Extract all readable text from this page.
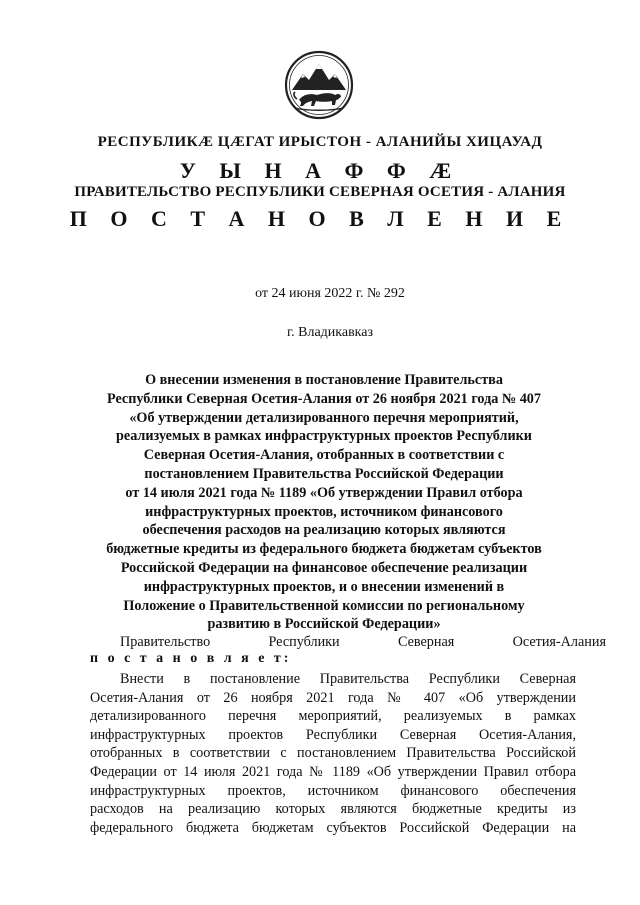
РЕСПУБЛИКÆ ЦÆГАТ ИРЫСТОН - АЛАНИЙЫ ХИЦАУАД
У Ы Н А Ф Ф Æ
ПРАВИТЕЛЬСТВО РЕСПУБЛИКИ СЕВЕРНАЯ ОСЕТИЯ - АЛАНИЯ
П О С Т А Н О В Л Е Н И Е
от 24 июня 2022 г. № 292
г. Владикавказ
О внесении изменения в постановление Правительства
Республики Северная Осетия-Алания от 26 ноября 2021 года № 407
«Об утверждении детализированного перечня мероприятий,
реализуемых в рамках инфраструктурных проектов Республики
Северная Осетия-Алания, отобранных в соответствии с
постановлением Правительства Российской Федерации
от 14 июля 2021 года № 1189 «Об утверждении Правил отбора
инфраструктурных проектов, источником финансового
обеспечения расходов на реализацию которых являются
бюджетные кредиты из федерального бюджета бюджетам субъектов
Российской Федерации на финансовое обеспечение реализации
инфраструктурных проектов, и о внесении изменений в
Положение о Правительственной комиссии по региональному
развитию в Российской Федерации»
Правительство Республики Северная Осетия-Алания
п о с т а н о в л я е т:
Внести в постановление Правительства Республики Северная
Осетия-Алания от 26 ноября 2021 года № 407 «Об утверждении
детализированного перечня мероприятий, реализуемых в рамках
инфраструктурных проектов Республики Северная Осетия-Алания,
отобранных в соответствии с постановлением Правительства Российской
Федерации от 14 июля 2021 года № 1189 «Об утверждении Правил отбора
инфраструктурных проектов, источником финансового обеспечения
расходов на реализацию которых являются бюджетные кредиты из
федерального бюджета бюджетам субъектов Российской Федерации на
